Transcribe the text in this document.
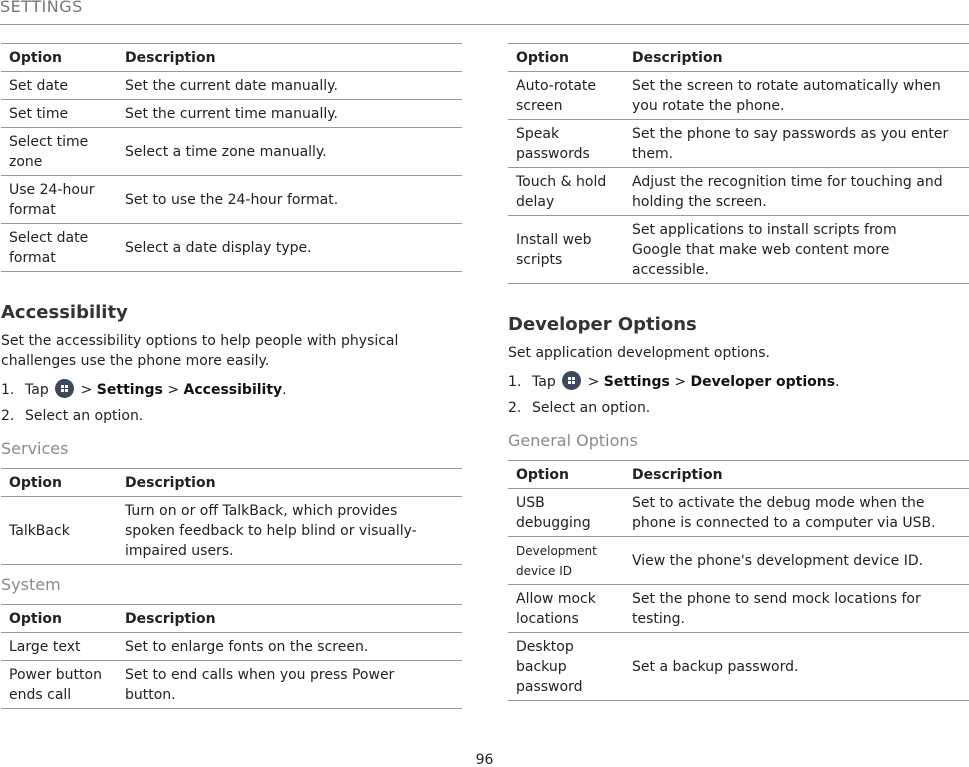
SETTINGS
Option	Description
Set date	Set the current date manually.
Set time	Set the current time manually.
Select time zone	Select a time zone manually.
Use 24-hour format	Set to use the 24-hour format.
Select date format	Select a date display type.
Accessibility

Set the accessibility options to help people with physical challenges use the phone more easily.

1. Tap > Settings > Accessibility.
2. Select an option.
Services
Option	Description
TalkBack	Turn on or off TalkBack, which provides spoken feedback to help blind or visually-impaired users.
System
Option	Description
Large text	Set to enlarge fonts on the screen.
Power button ends call	Set to end calls when you press Power button.
Option	Description
Auto-rotate screen	Set the screen to rotate automatically when you rotate the phone.
Speak passwords	Set the phone to say passwords as you enter them.
Touch & hold delay	Adjust the recognition time for touching and holding the screen.
Install web scripts	Set applications to install scripts from Google that make web content more accessible.
Developer Options

Set application development options.

1. Tap > Settings > Developer options.
2. Select an option.
General Options
Option	Description
USB debugging	Set to activate the debug mode when the phone is connected to a computer via USB.
Development device ID	View the phone's development device ID.
Allow mock locations	Set the phone to send mock locations for testing.
Desktop backup password	Set a backup password.
96
